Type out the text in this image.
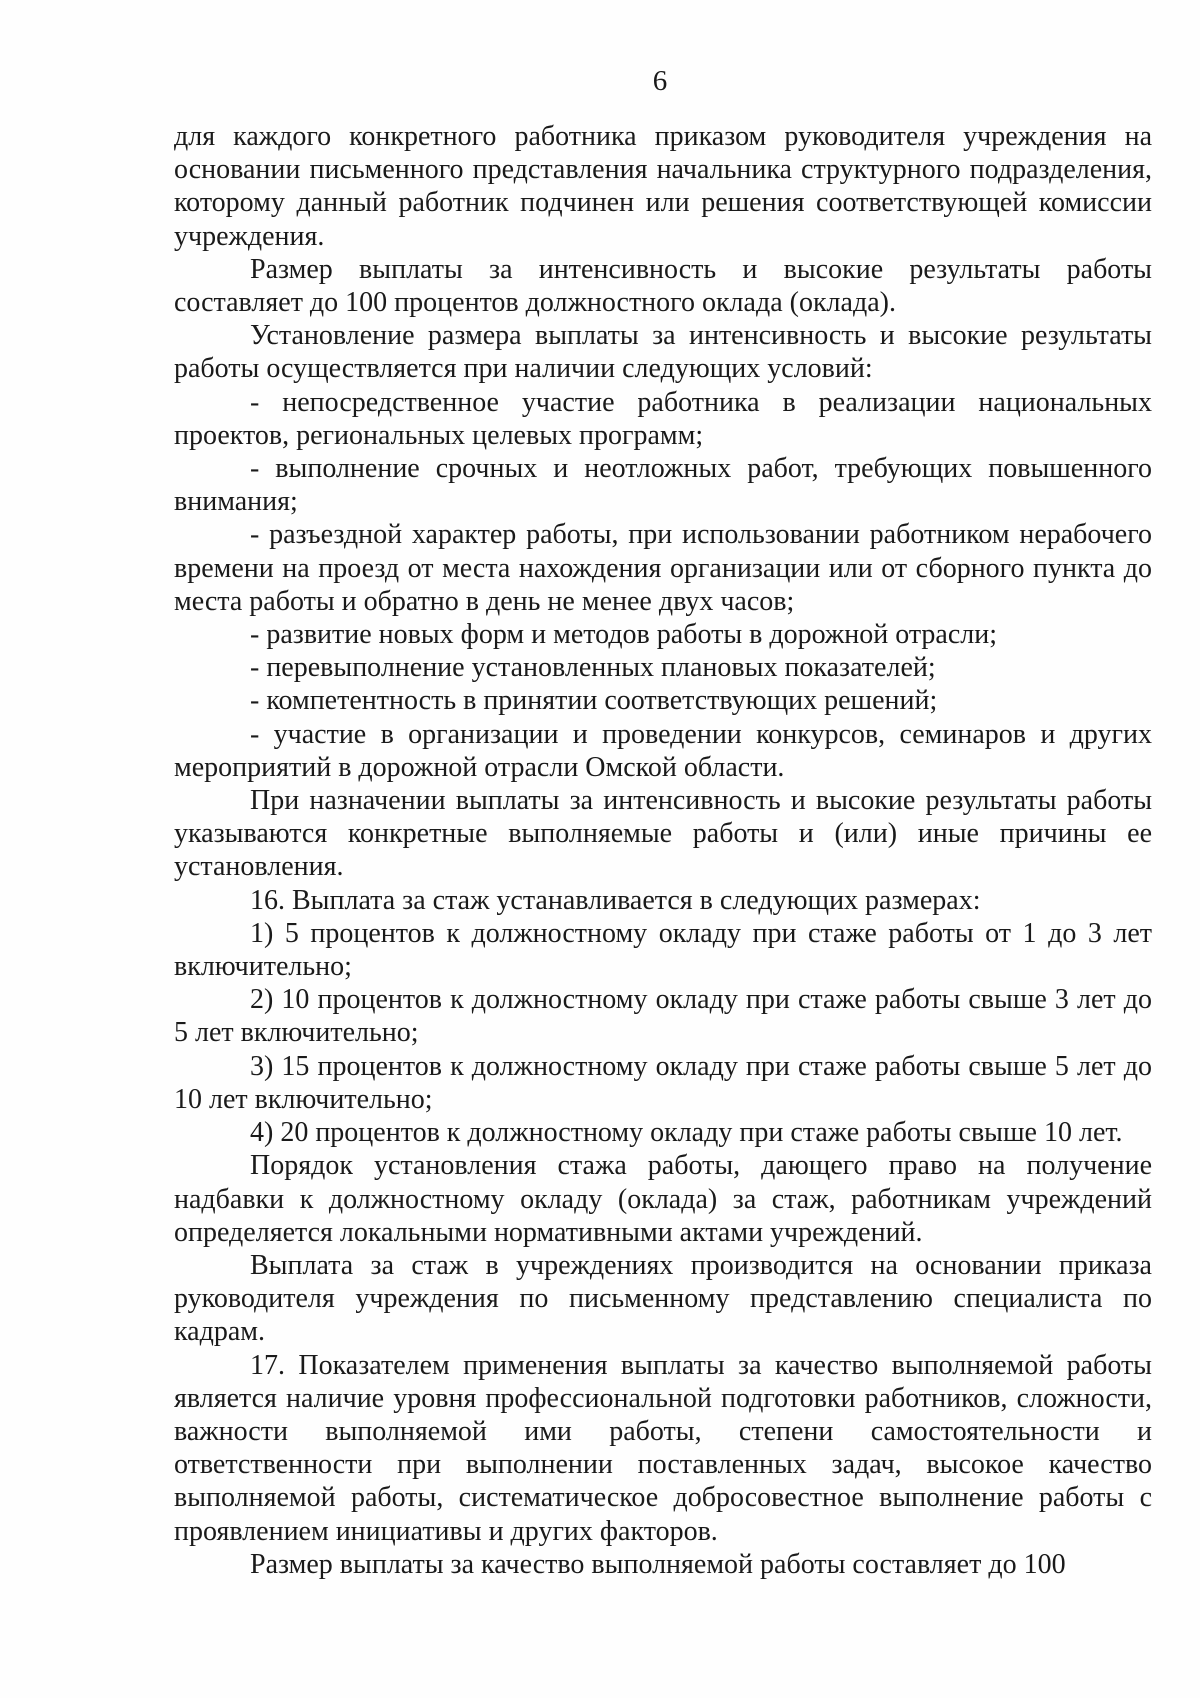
6

для каждого конкретного работника приказом руководителя учреждения на основании письменного представления начальника структурного подразделения, которому данный работник подчинен или решения соответствующей комиссии учреждения.

Размер выплаты за интенсивность и высокие результаты работы составляет до 100 процентов должностного оклада (оклада).

Установление размера выплаты за интенсивность и высокие результаты работы осуществляется при наличии следующих условий:

- непосредственное участие работника в реализации национальных проектов, региональных целевых программ;

- выполнение срочных и неотложных работ, требующих повышенного внимания;

- разъездной характер работы, при использовании работником нерабочего времени на проезд от места нахождения организации или от сборного пункта до места работы и обратно в день не менее двух часов;

- развитие новых форм и методов работы в дорожной отрасли;

- перевыполнение установленных плановых показателей;

- компетентность в принятии соответствующих решений;

- участие в организации и проведении конкурсов, семинаров и других мероприятий в дорожной отрасли Омской области.

При назначении выплаты за интенсивность и высокие результаты работы указываются конкретные выполняемые работы и (или) иные причины ее установления.

16. Выплата за стаж устанавливается в следующих размерах:

1) 5 процентов к должностному окладу при стаже работы от 1 до 3 лет включительно;

2) 10 процентов к должностному окладу при стаже работы свыше 3 лет до 5 лет включительно;

3) 15 процентов к должностному окладу при стаже работы свыше 5 лет до 10 лет включительно;

4) 20 процентов к должностному окладу при стаже работы свыше 10 лет.

Порядок установления стажа работы, дающего право на получение надбавки к должностному окладу (оклада) за стаж, работникам учреждений определяется локальными нормативными актами учреждений.

Выплата за стаж в учреждениях производится на основании приказа руководителя учреждения по письменному представлению специалиста по кадрам.

17. Показателем применения выплаты за качество выполняемой работы является наличие уровня профессиональной подготовки работников, сложности, важности выполняемой ими работы, степени самостоятельности и ответственности при выполнении поставленных задач, высокое качество выполняемой работы, систематическое добросовестное выполнение работы с проявлением инициативы и других факторов.

Размер выплаты за качество выполняемой работы составляет до 100
